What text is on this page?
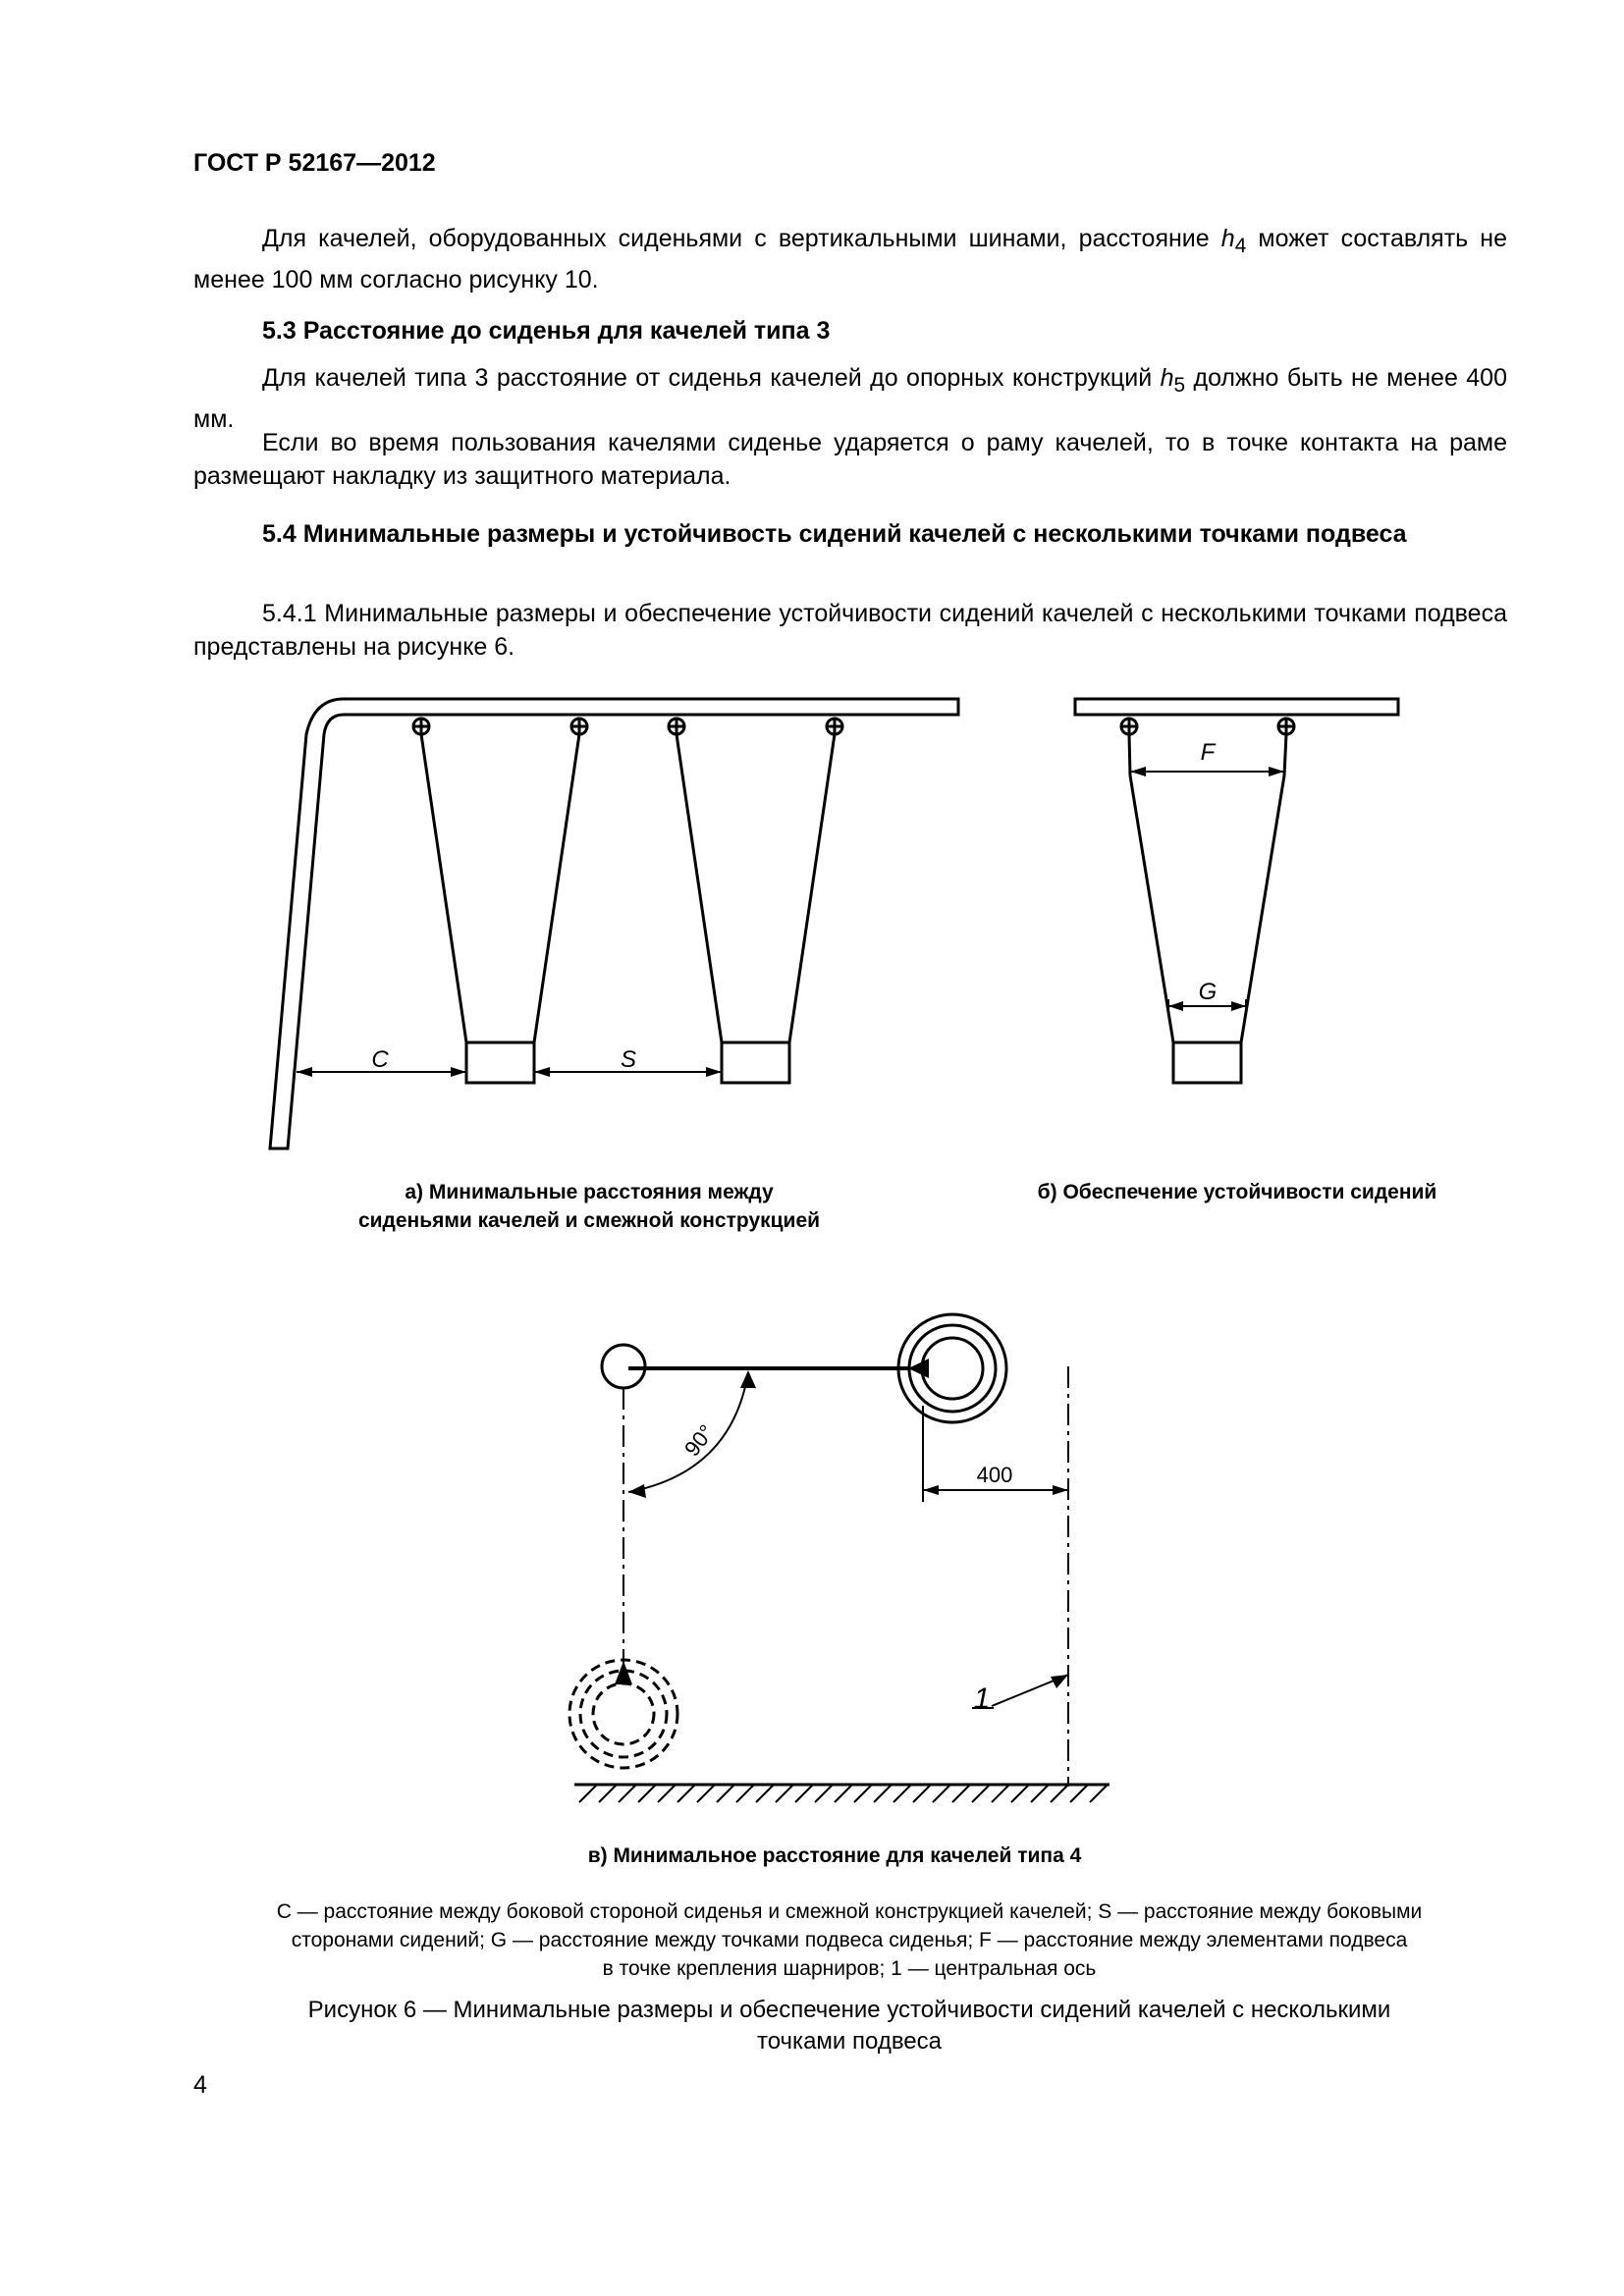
ГОСТ Р 52167—2012
Для качелей, оборудованных сиденьями с вертикальными шинами, расстояние $h_4$ может составлять не менее 100 мм согласно рисунку 10.
5.3 Расстояние до сиденья для качелей типа 3
Для качелей типа 3 расстояние от сиденья качелей до опорных конструкций $h_5$ должно быть не менее 400 мм.
Если во время пользования качелями сиденье ударяется о раму качелей, то в точке контакта на раме размещают накладку из защитного материала.
5.4 Минимальные размеры и устойчивость сидений качелей с несколькими точками подвеса
5.4.1 Минимальные размеры и обеспечение устойчивости сидений качелей с несколькими точками подвеса представлены на рисунке 6.
C	S
F
G
400
90°
1
а) Минимальные расстояния между
сиденьями качелей и смежной конструкцией
б) Обеспечение устойчивости сидений
в) Минимальное расстояние для качелей типа 4
C — расстояние между боковой стороной сиденья и смежной конструкцией качелей; S — расстояние между боковыми
сторонами сидений; G — расстояние между точками подвеса сиденья; F — расстояние между элементами подвеса
в точке крепления шарниров; 1 — центральная ось
Рисунок 6 — Минимальные размеры и обеспечение устойчивости сидений качелей с несколькими
точками подвеса
4
